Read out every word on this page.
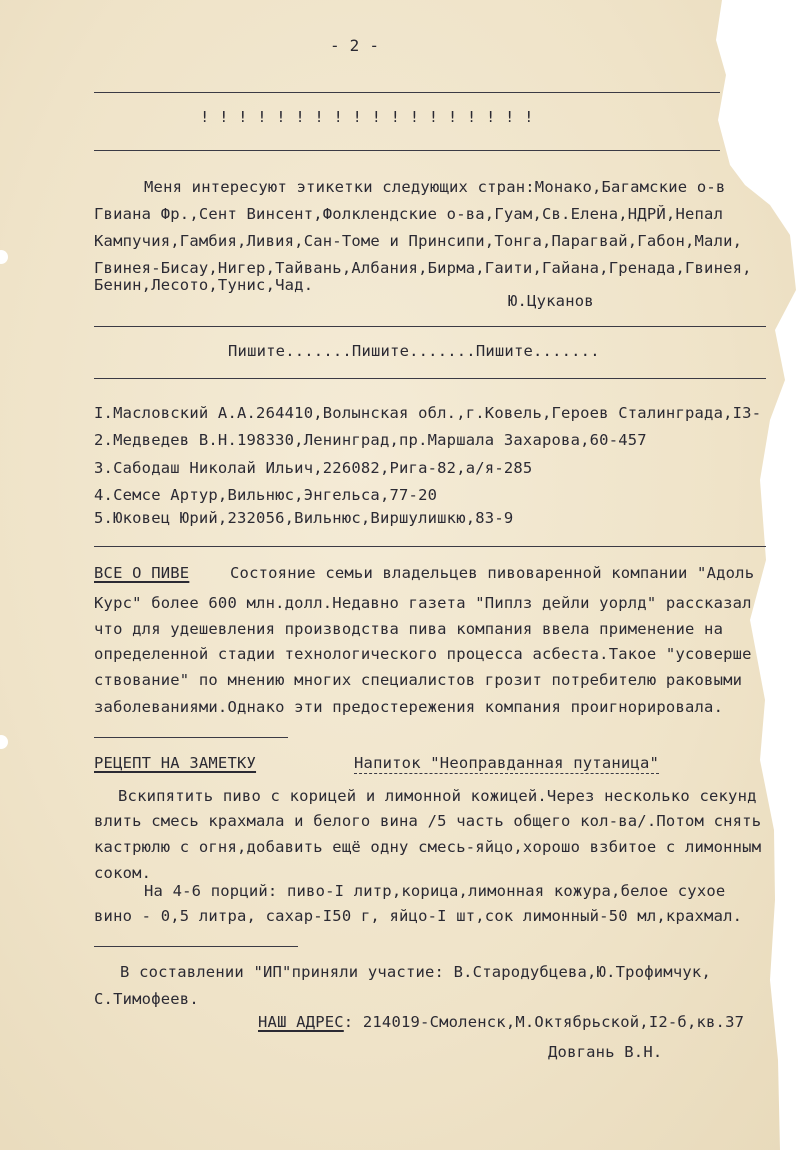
- 2 -
! ! ! ! ! ! ! ! ! ! ! ! ! ! ! ! ! !
Меня интересуют этикетки следующих стран:Монако,Багамские о-в
Гвиана Фр.,Сент Винсент,Фолклендские о-ва,Гуам,Св.Елена,НДРЙ,Непал
Кампучия,Гамбия,Ливия,Сан-Томе и Принсипи,Тонга,Парагвай,Габон,Мали,
Гвинея-Бисау,Нигер,Тайвань,Албания,Бирма,Гаити,Гайана,Гренада,Гвинея,
Бенин,Лесото,Тунис,Чад.
Ю.Цуканов
Пишите.......Пишите.......Пишите.......
I.Масловский А.А.264410,Волынская обл.,г.Ковель,Героев Сталинграда,I3-
2.Медведев В.Н.198330,Ленинград,пр.Маршала Захарова,60-457
3.Сабодаш Николай Ильич,226082,Рига-82,а/я-285
4.Семсе Артур,Вильнюс,Энгельса,77-20
5.Юковец Юрий,232056,Вильнюс,Виршулишкю,83-9
ВСЕ О ПИВЕ	Состояние семьи владельцев пивоваренной компании "Адоль
Курс" более 600 млн.долл.Недавно газета "Пиплз дейли уорлд" рассказал
что для удешевления производства пива компания ввела применение на
определенной стадии технологического процесса асбеста.Такое "усоверше
ствование" по мнению многих специалистов грозит потребителю раковыми
заболеваниями.Однако эти предостережения компания проигнорировала.
РЕЦЕПТ НА ЗАМЕТКУ	Напиток "Неоправданная путаница"
Вскипятить пиво с корицей и лимонной кожицей.Через несколько секунд
влить смесь крахмала и белого вина /5 часть общего кол-ва/.Потом снять
кастрюлю с огня,добавить ещё одну смесь-яйцо,хорошо взбитое с лимонным
соком.
На 4-6 порций: пиво-I литр,корица,лимонная кожура,белое сухое
вино - 0,5 литра, сахар-I50 г, яйцо-I шт,сок лимонный-50 мл,крахмал.
В составлении "ИП"приняли участие: В.Стародубцева,Ю.Трофимчук,
С.Тимофеев.
НАШ АДРЕС: 214019-Смоленск,М.Октябрьской,I2-б,кв.37
Довгань В.Н.
